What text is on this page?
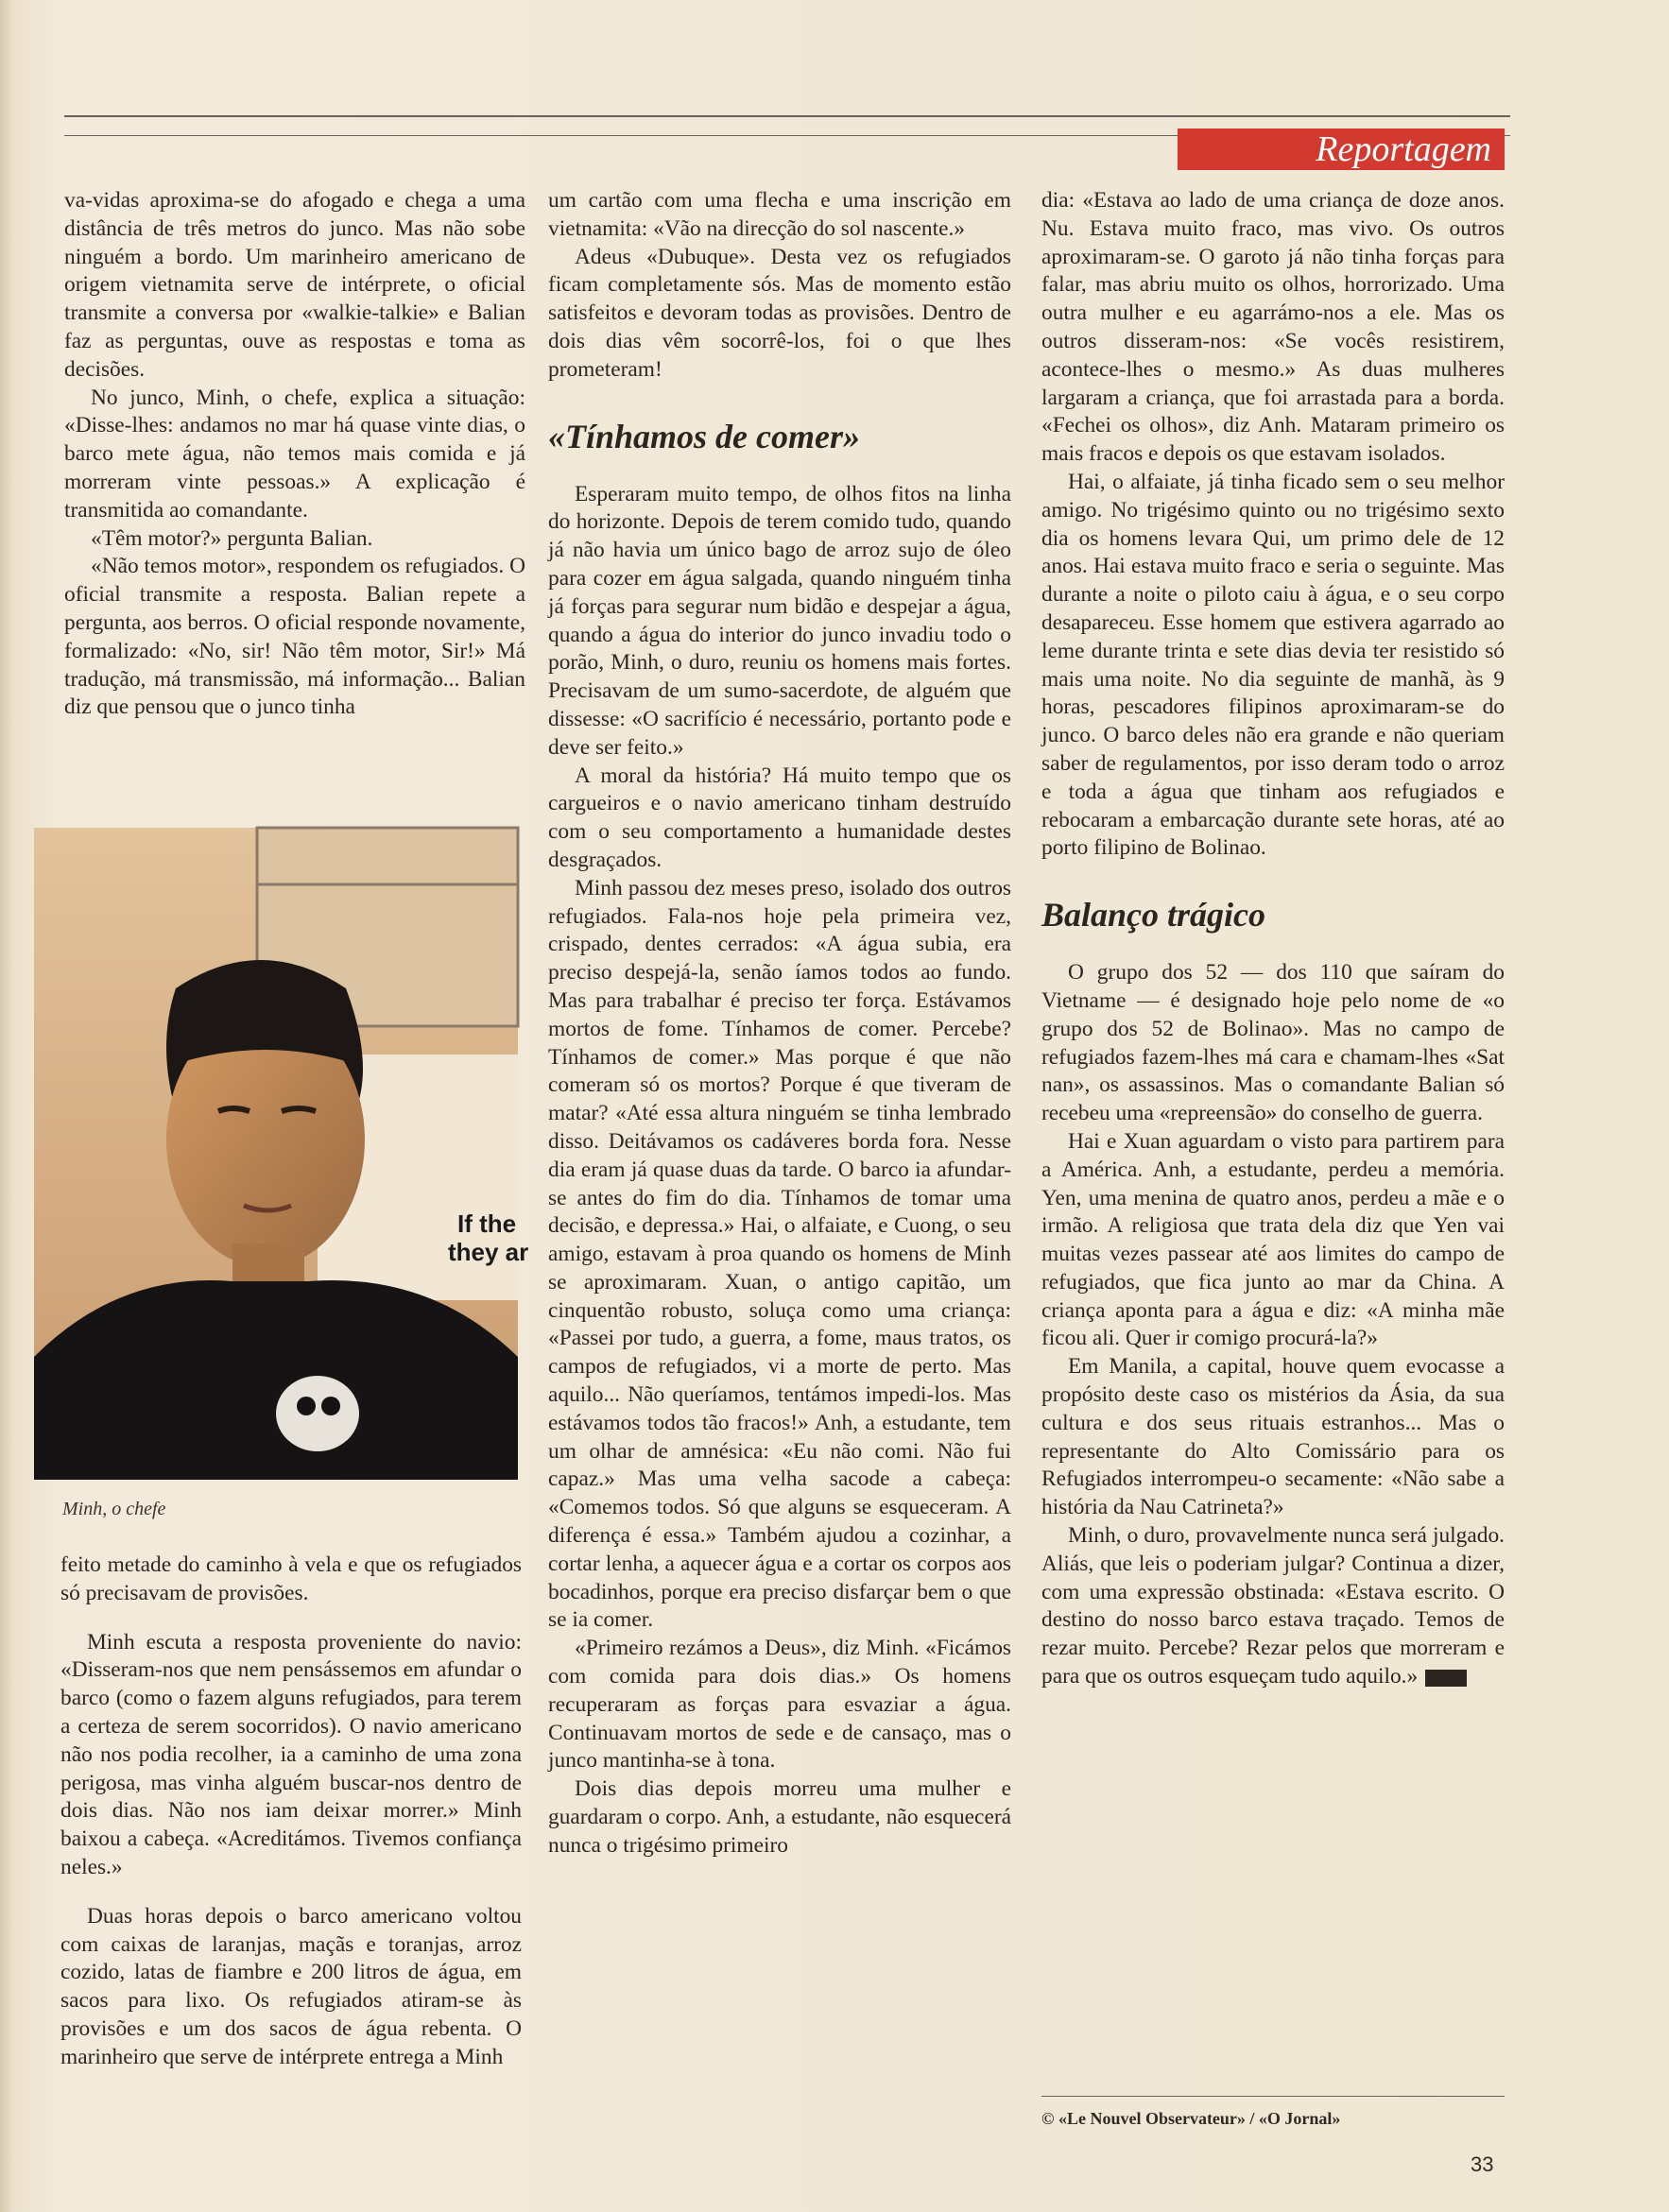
Reportagem

va-vidas aproxima-se do afogado e chega a uma distância de três metros do junco. Mas não sobe ninguém a bordo. Um marinheiro americano de origem vietnamita serve de intérprete, o oficial transmite a conversa por «walkie-talkie» e Balian faz as perguntas, ouve as respostas e toma as decisões.

No junco, Minh, o chefe, explica a situação: «Disse-lhes: andamos no mar há quase vinte dias, o barco mete água, não temos mais comida e já morreram vinte pessoas.» A explicação é transmitida ao comandante.

«Têm motor?» pergunta Balian.

«Não temos motor», respondem os refugiados. O oficial transmite a resposta. Balian repete a pergunta, aos berros. O oficial responde novamente, formalizado: «No, sir! Não têm motor, Sir!» Má tradução, má transmissão, má informação... Balian diz que pensou que o junco tinha

If the
they ar
Minh, o chefe

feito metade do caminho à vela e que os refugiados só precisavam de provisões.

Minh escuta a resposta proveniente do navio: «Disseram-nos que nem pensássemos em afundar o barco (como o fazem alguns refugiados, para terem a certeza de serem socorridos). O navio americano não nos podia recolher, ia a caminho de uma zona perigosa, mas vinha alguém buscar-nos dentro de dois dias. Não nos iam deixar morrer.» Minh baixou a cabeça. «Acreditámos. Tivemos confiança neles.»

Duas horas depois o barco americano voltou com caixas de laranjas, maçãs e toranjas, arroz cozido, latas de fiambre e 200 litros de água, em sacos para lixo. Os refugiados atiram-se às provisões e um dos sacos de água rebenta. O marinheiro que serve de intérprete entrega a Minh

um cartão com uma flecha e uma inscrição em vietnamita: «Vão na direcção do sol nascente.»

Adeus «Dubuque». Desta vez os refugiados ficam completamente sós. Mas de momento estão satisfeitos e devoram todas as provisões. Dentro de dois dias vêm socorrê-los, foi o que lhes prometeram!

«Tínhamos de comer»

Esperaram muito tempo, de olhos fitos na linha do horizonte. Depois de terem comido tudo, quando já não havia um único bago de arroz sujo de óleo para cozer em água salgada, quando ninguém tinha já forças para segurar num bidão e despejar a água, quando a água do interior do junco invadiu todo o porão, Minh, o duro, reuniu os homens mais fortes. Precisavam de um sumo-sacerdote, de alguém que dissesse: «O sacrifício é necessário, portanto pode e deve ser feito.»

A moral da história? Há muito tempo que os cargueiros e o navio americano tinham destruído com o seu comportamento a humanidade destes desgraçados.

Minh passou dez meses preso, isolado dos outros refugiados. Fala-nos hoje pela primeira vez, crispado, dentes cerrados: «A água subia, era preciso despejá-la, senão íamos todos ao fundo. Mas para trabalhar é preciso ter força. Estávamos mortos de fome. Tínhamos de comer. Percebe? Tínhamos de comer.» Mas porque é que não comeram só os mortos? Porque é que tiveram de matar? «Até essa altura ninguém se tinha lembrado disso. Deitávamos os cadáveres borda fora. Nesse dia eram já quase duas da tarde. O barco ia afundar-se antes do fim do dia. Tínhamos de tomar uma decisão, e depressa.» Hai, o alfaiate, e Cuong, o seu amigo, estavam à proa quando os homens de Minh se aproximaram. Xuan, o antigo capitão, um cinquentão robusto, soluça como uma criança: «Passei por tudo, a guerra, a fome, maus tratos, os campos de refugiados, vi a morte de perto. Mas aquilo... Não queríamos, tentámos impedi-los. Mas estávamos todos tão fracos!» Anh, a estudante, tem um olhar de amnésica: «Eu não comi. Não fui capaz.» Mas uma velha sacode a cabeça: «Comemos todos. Só que alguns se esqueceram. A diferença é essa.» Também ajudou a cozinhar, a cortar lenha, a aquecer água e a cortar os corpos aos bocadinhos, porque era preciso disfarçar bem o que se ia comer.

«Primeiro rezámos a Deus», diz Minh. «Ficámos com comida para dois dias.» Os homens recuperaram as forças para esvaziar a água. Continuavam mortos de sede e de cansaço, mas o junco mantinha-se à tona.

Dois dias depois morreu uma mulher e guardaram o corpo. Anh, a estudante, não esquecerá nunca o trigésimo primeiro

dia: «Estava ao lado de uma criança de doze anos. Nu. Estava muito fraco, mas vivo. Os outros aproximaram-se. O garoto já não tinha forças para falar, mas abriu muito os olhos, horrorizado. Uma outra mulher e eu agarrámo-nos a ele. Mas os outros disseram-nos: «Se vocês resistirem, acontece-lhes o mesmo.» As duas mulheres largaram a criança, que foi arrastada para a borda. «Fechei os olhos», diz Anh. Mataram primeiro os mais fracos e depois os que estavam isolados.

Hai, o alfaiate, já tinha ficado sem o seu melhor amigo. No trigésimo quinto ou no trigésimo sexto dia os homens levara Qui, um primo dele de 12 anos. Hai estava muito fraco e seria o seguinte. Mas durante a noite o piloto caiu à água, e o seu corpo desapareceu. Esse homem que estivera agarrado ao leme durante trinta e sete dias devia ter resistido só mais uma noite. No dia seguinte de manhã, às 9 horas, pescadores filipinos aproximaram-se do junco. O barco deles não era grande e não queriam saber de regulamentos, por isso deram todo o arroz e toda a água que tinham aos refugiados e rebocaram a embarcação durante sete horas, até ao porto filipino de Bolinao.

Balanço trágico

O grupo dos 52 — dos 110 que saíram do Vietname — é designado hoje pelo nome de «o grupo dos 52 de Bolinao». Mas no campo de refugiados fazem-lhes má cara e chamam-lhes «Sat nan», os assassinos. Mas o comandante Balian só recebeu uma «repreensão» do conselho de guerra.

Hai e Xuan aguardam o visto para partirem para a América. Anh, a estudante, perdeu a memória. Yen, uma menina de quatro anos, perdeu a mãe e o irmão. A religiosa que trata dela diz que Yen vai muitas vezes passear até aos limites do campo de refugiados, que fica junto ao mar da China. A criança aponta para a água e diz: «A minha mãe ficou ali. Quer ir comigo procurá-la?»

Em Manila, a capital, houve quem evocasse a propósito deste caso os mistérios da Ásia, da sua cultura e dos seus rituais estranhos... Mas o representante do Alto Comissário para os Refugiados interrompeu-o secamente: «Não sabe a história da Nau Catrineta?»

Minh, o duro, provavelmente nunca será julgado. Aliás, que leis o poderiam julgar? Continua a dizer, com uma expressão obstinada: «Estava escrito. O destino do nosso barco estava traçado. Temos de rezar muito. Percebe? Rezar pelos que morreram e para que os outros esqueçam tudo aquilo.»

© «Le Nouvel Observateur» / «O Jornal»
33
